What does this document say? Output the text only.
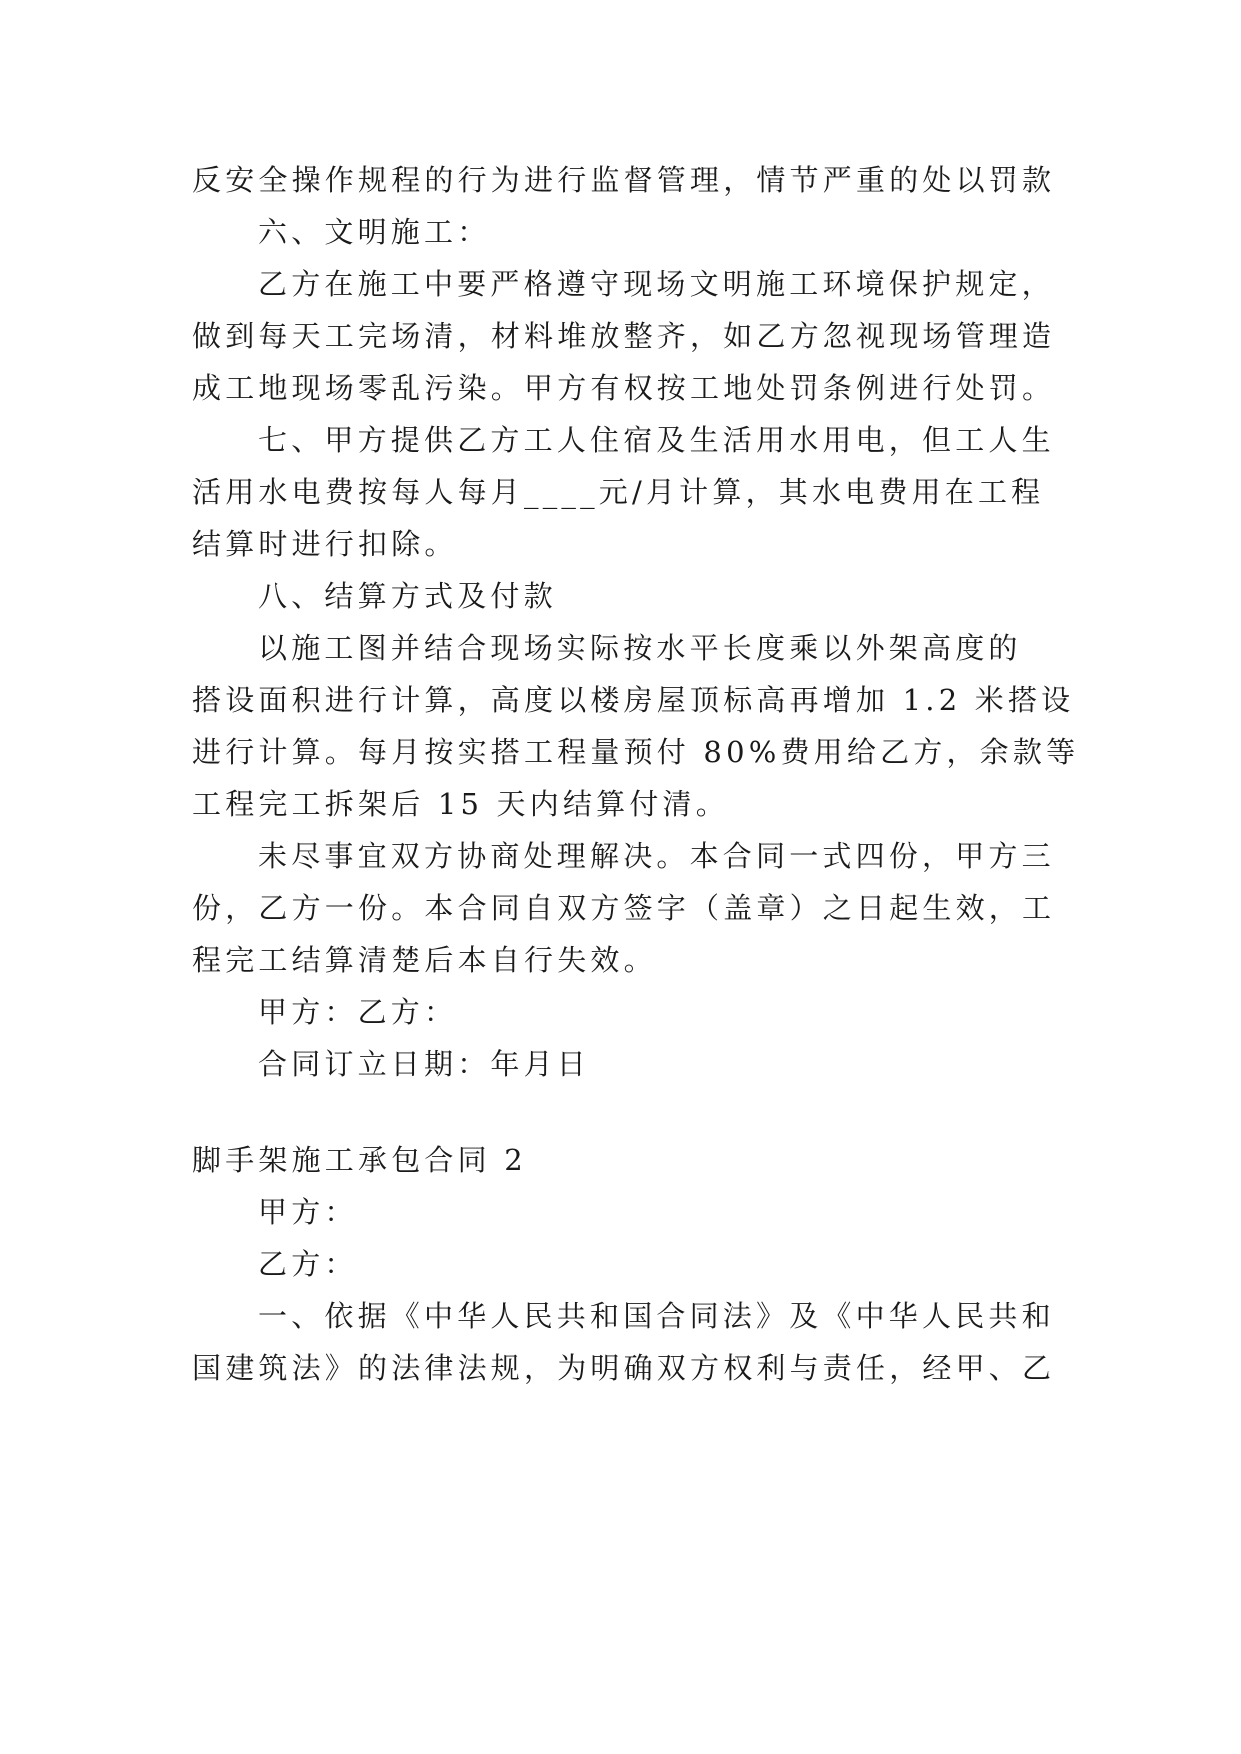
反安全操作规程的行为进行监督管理，情节严重的处以罚款
六、文明施工：
乙方在施工中要严格遵守现场文明施工环境保护规定，
做到每天工完场清，材料堆放整齐，如乙方忽视现场管理造
成工地现场零乱污染。甲方有权按工地处罚条例进行处罚。
七、甲方提供乙方工人住宿及生活用水用电，但工人生
活用水电费按每人每月____元/月计算，其水电费用在工程
结算时进行扣除。
八、结算方式及付款
以施工图并结合现场实际按水平长度乘以外架高度的
搭设面积进行计算，高度以楼房屋顶标高再增加 1.2 米搭设
进行计算。每月按实搭工程量预付 80%费用给乙方，余款等
工程完工拆架后 15 天内结算付清。
未尽事宜双方协商处理解决。本合同一式四份，甲方三
份，乙方一份。本合同自双方签字（盖章）之日起生效，工
程完工结算清楚后本自行失效。
甲方：乙方：
合同订立日期：年月日
脚手架施工承包合同 2
甲方：
乙方：
一、依据《中华人民共和国合同法》及《中华人民共和
国建筑法》的法律法规，为明确双方权利与责任，经甲、乙
